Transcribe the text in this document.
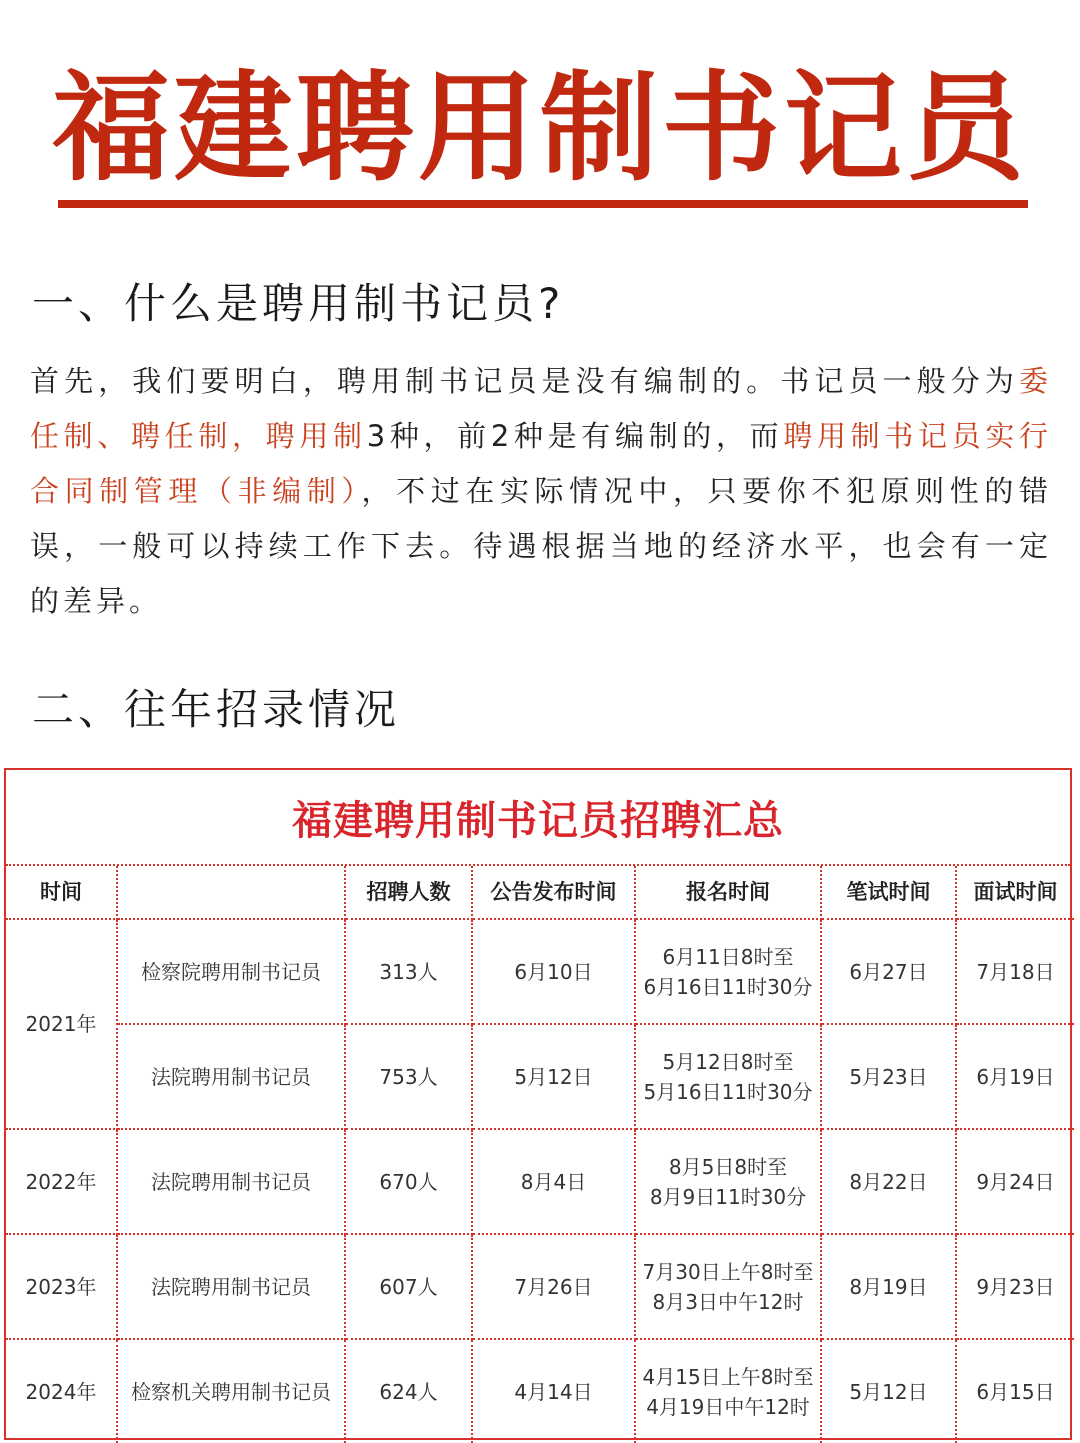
福建聘用制书记员
一、什么是聘用制书记员?
首先，我们要明白，聘用制书记员是没有编制的。书记员一般分为委任制、聘任制，聘用制3种，前2种是有编制的，而聘用制书记员实行合同制管理（非编制），不过在实际情况中，只要你不犯原则性的错误，一般可以持续工作下去。待遇根据当地的经济水平，也会有一定的差异。
二、往年招录情况
福建聘用制书记员招聘汇总
时间		招聘人数	公告发布时间	报名时间	笔试时间	面试时间
2021年	检察院聘用制书记员	313人	6月10日	6月11日8时至
6月16日11时30分	6月27日	7月18日
	法院聘用制书记员	753人	5月12日	5月12日8时至
5月16日11时30分	5月23日	6月19日
2022年	法院聘用制书记员	670人	8月4日	8月5日8时至
8月9日11时30分	8月22日	9月24日
2023年	法院聘用制书记员	607人	7月26日	7月30日上午8时至
8月3日中午12时	8月19日	9月23日
2024年	检察机关聘用制书记员	624人	4月14日	4月15日上午8时至
4月19日中午12时	5月12日	6月15日
